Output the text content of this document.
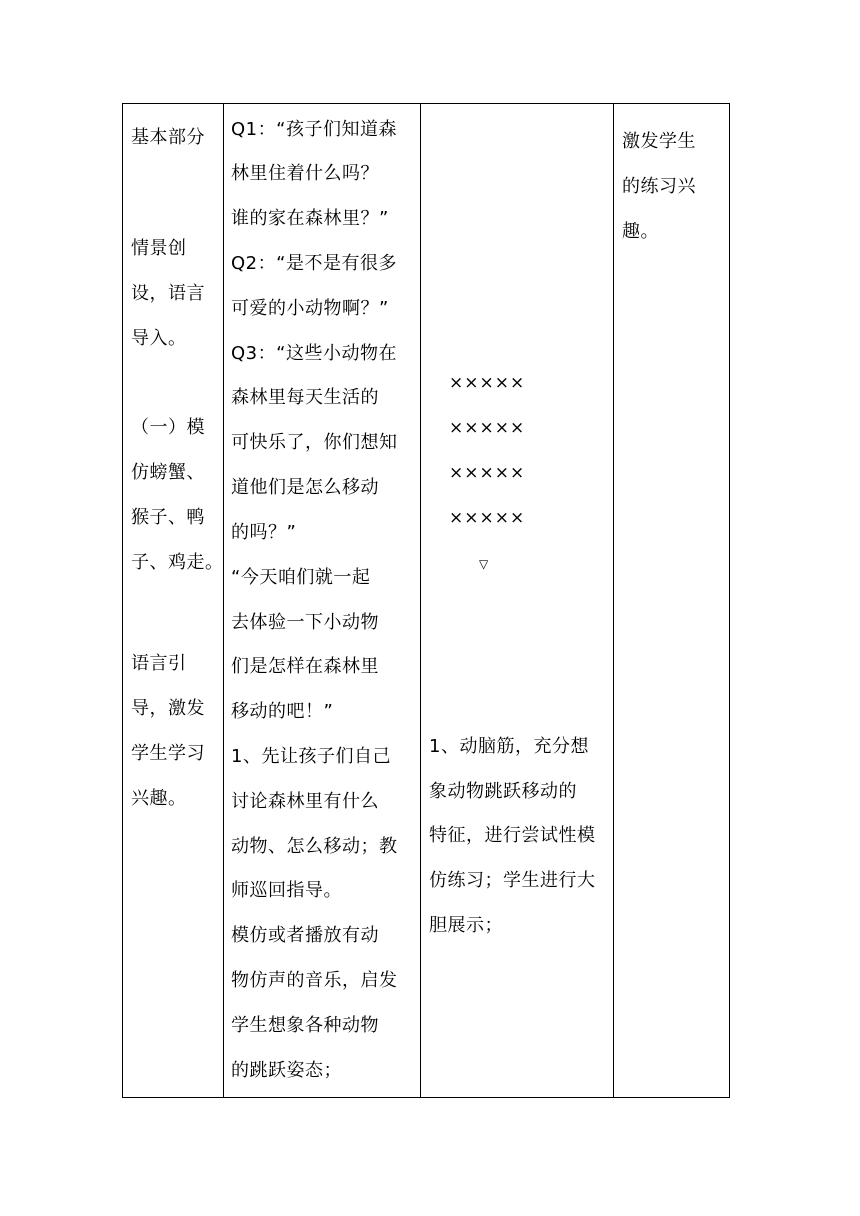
基本部分
情景创
设，语言
导入。
（一）模
仿螃蟹、
猴子、鸭
子、鸡走。
语言引
导，激发
学生学习
兴趣。
Q1：“孩子们知道森
林里住着什么吗？
谁的家在森林里？”
Q2：“是不是有很多
可爱的小动物啊？”
Q3：“这些小动物在
森林里每天生活的
可快乐了，你们想知
道他们是怎么移动
的吗？”
“今天咱们就一起
去体验一下小动物
们是怎样在森林里
移动的吧！”
1、先让孩子们自己
讨论森林里有什么
动物、怎么移动；教
师巡回指导。
模仿或者播放有动
物仿声的音乐，启发
学生想象各种动物
的跳跃姿态；
×××××
×××××
×××××
×××××
▽
1、动脑筋，充分想
象动物跳跃移动的
特征，进行尝试性模
仿练习；学生进行大
胆展示；
激发学生
的练习兴
趣。
